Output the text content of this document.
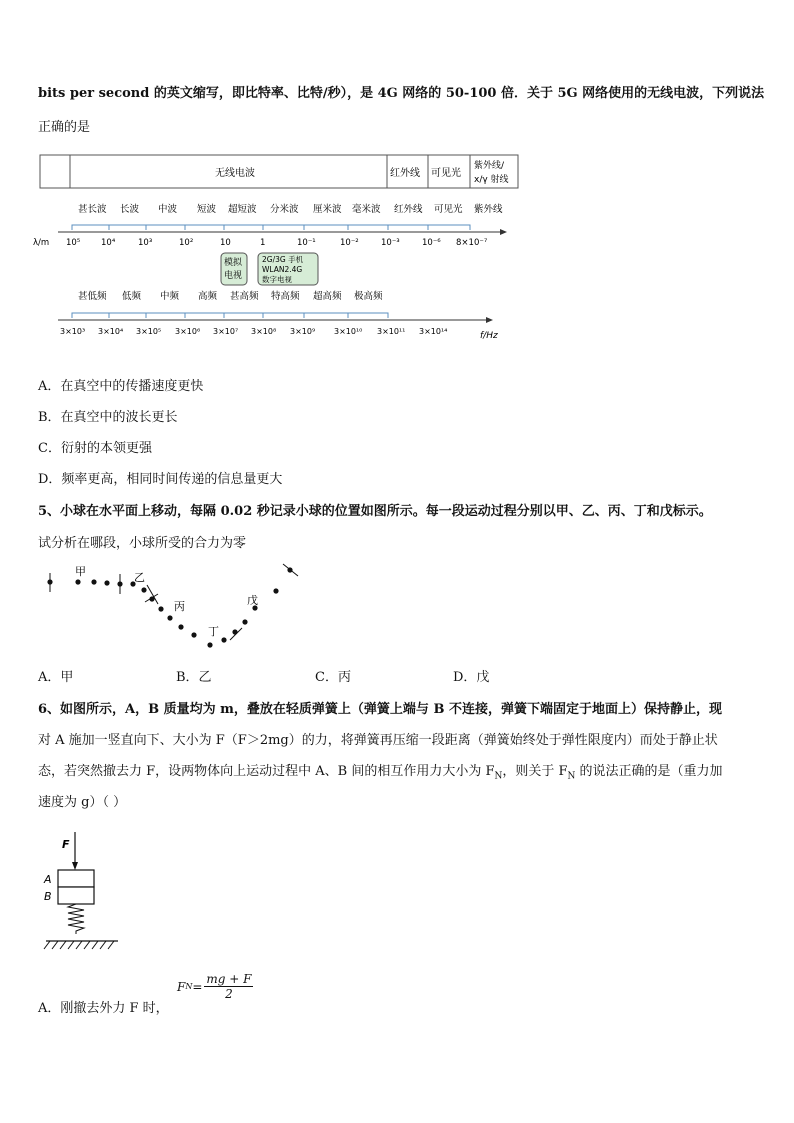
bits per second 的英文缩写，即比特率、比特/秒），是 4G 网络的 50-100 倍．关于 5G 网络使用的无线电波，下列说法
正确的是
无线电波	红外线 可见光
紫外线/
x/γ 射线
甚长波 长波 中波 短波 超短波 分米波 厘米波 毫米波 红外线 可见光 紫外线
λ/m 10⁵ 10⁴	10³	10²	10	1	10⁻¹	10⁻²	10⁻³	10⁻⁶ 8×10⁻⁷
模拟
电视
2G/3G 手机
WLAN2.4G
数字电视
甚低频 低频 中频 高频 甚高频 特高频 超高频 极高频
3×10³ 3×10⁴ 3×10⁵ 3×10⁶ 3×10⁷ 3×10⁸ 3×10⁹ 3×10¹⁰ 3×10¹¹ 3×10¹⁴	f/Hz
A．在真空中的传播速度更快
B．在真空中的波长更长
C．衍射的本领更强
D．频率更高，相同时间传递的信息量更大
5、小球在水平面上移动，每隔 0.02 秒记录小球的位置如图所示。每一段运动过程分别以甲、乙、丙、丁和戊标示。
试分析在哪段，小球所受的合力为零
甲	乙
丙
丁
戊
A．甲	B．乙	C．丙	D．戊
6、如图所示，A，B 质量均为 m，叠放在轻质弹簧上（弹簧上端与 B 不连接，弹簧下端固定于地面上）保持静止，现
对 A 施加一竖直向下、大小为 F（F＞2mg）的力，将弹簧再压缩一段距离（弹簧始终处于弹性限度内）而处于静止状
态，若突然撤去力 F，设两物体向上运动过程中 A、B 间的相互作用力大小为 $F_N$，则关于 $F_N$ 的说法正确的是（重力加
速度为 g）（ ）
F
A
B
A．刚撤去外力 F 时，
F $N = \frac{mg + F}{2}$
